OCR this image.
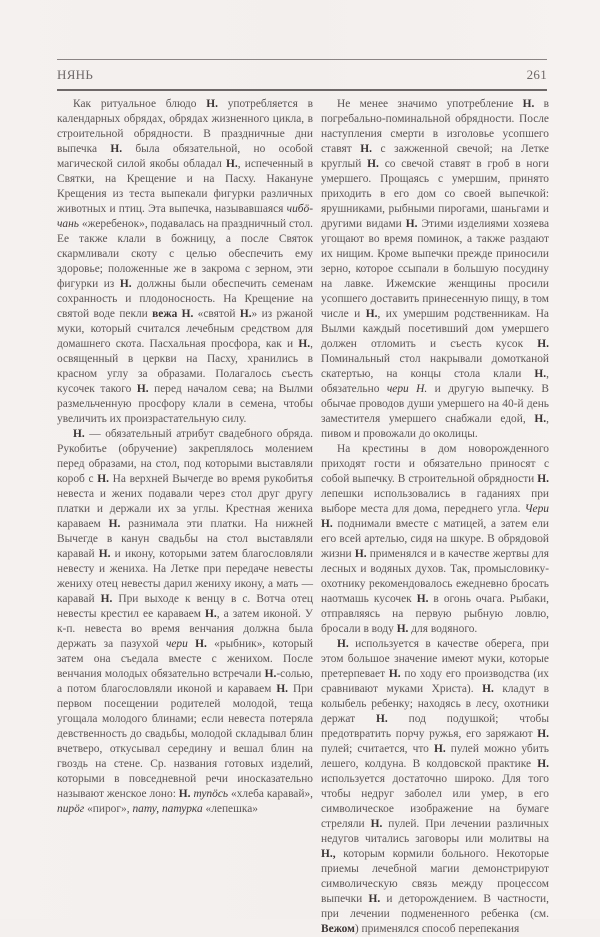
НЯНЬ	261

Как ритуальное блюдо Н. употребляется в календарных обрядах, обрядах жизненного цикла, в строительной обрядности. В праздничные дни выпечка Н. была обязательной, но особой магической силой якобы обладал Н., испеченный в Святки, на Крещение и на Пасху. Накануне Крещения из теста выпекали фигурки различных животных и птиц. Эта выпечка, называвшаяся чибö-чань «жеребенок», подавалась на праздничный стол. Ее также клали в божницу, а после Святок скармливали скоту с целью обеспечить ему здоровье; положенные же в закрома с зерном, эти фигурки из Н. должны были обеспечить семенам сохранность и плодоносность. На Крещение на святой воде пекли вежа Н. «святой Н.» из ржаной муки, который считался лечебным средством для домашнего скота. Пасхальная просфора, как и Н., освященный в церкви на Пасху, хранились в красном углу за образами. Полагалось съесть кусочек такого Н. перед началом сева; на Вылми размельченную просфору клали в семена, чтобы увеличить их произрастательную силу.

Н. — обязательный атрибут свадебного обряда. Рукобитье (обручение) закреплялось молением перед образами, на стол, под которыми выставляли короб с Н. На верхней Вычегде во время рукобитья невеста и жених подавали через стол друг другу платки и держали их за углы. Крестная жениха караваем Н. разнимала эти платки. На нижней Вычегде в канун свадьбы на стол выставляли каравай Н. и икону, которыми затем благословляли невесту и жениха. На Летке при передаче невесты жениху отец невесты дарил жениху икону, а мать — каравай Н. При выходе к венцу в с. Вотча отец невесты крестил ее караваем Н., а затем иконой. У к-п. невеста во время венчания должна была держать за пазухой чери Н. «рыбник», который затем она съедала вместе с женихом. После венчания молодых обязательно встречали Н.-солью, а потом благословляли иконой и караваем Н. При первом посещении родителей молодой, теща угощала молодого блинами; если невеста потеряла девственность до свадьбы, молодой складывал блин вчетверо, откусывал середину и вешал блин на гвоздь на стене. Ср. названия готовых изделий, которыми в повседневной речи иносказательно называют женское лоно: Н. тупöсь «хлеба каравай», пирöг «пирог», пату, патурка «лепешка»

Не менее значимо употребление Н. в погребально-поминальной обрядности. После наступления смерти в изголовье усопшего ставят Н. с зажженной свечой; на Летке круглый Н. со свечой ставят в гроб в ноги умершего. Прощаясь с умершим, принято приходить в его дом со своей выпечкой: ярушниками, рыбными пирогами, шаньгами и другими видами Н. Этими изделиями хозяева угощают во время поминок, а также раздают их нищим. Кроме выпечки прежде приносили зерно, которое ссыпали в большую посудину на лавке. Ижемские женщины просили усопшего доставить принесенную пищу, в том числе и Н., их умершим родственникам. На Вылми каждый посетивший дом умершего должен отломить и съесть кусок Н. Поминальный стол накрывали домотканой скатертью, на концы стола клали Н., обязательно чери Н. и другую выпечку. В обычае проводов души умершего на 40-й день заместителя умершего снабжали едой, Н., пивом и провожали до околицы.

На крестины в дом новорожденного приходят гости и обязательно приносят с собой выпечку. В строительной обрядности Н. лепешки использовались в гаданиях при выборе места для дома, переднего угла. Чери Н. поднимали вместе с матицей, а затем ели его всей артелью, сидя на шкуре. В обрядовой жизни Н. применялся и в качестве жертвы для лесных и водяных духов. Так, промысловику-охотнику рекомендовалось ежедневно бросать наотмашь кусочек Н. в огонь очага. Рыбаки, отправляясь на первую рыбную ловлю, бросали в воду Н. для водяного.

Н. используется в качестве оберега, при этом большое значение имеют муки, которые претерпевает Н. по ходу его производства (их сравнивают муками Христа). Н. кладут в колыбель ребенку; находясь в лесу, охотники держат Н. под подушкой; чтобы предотвратить порчу ружья, его заряжают Н. пулей; считается, что Н. пулей можно убить лешего, колдуна. В колдовской практике Н. используется достаточно широко. Для того чтобы недруг заболел или умер, в его символическое изображение на бумаге стреляли Н. пулей. При лечении различных недугов читались заговоры или молитвы на Н., которым кормили больного. Некоторые приемы лечебной магии демонстрируют символическую связь между процессом выпечки Н. и деторождением. В частности, при лечении подмененного ребенка (см. Вежом) применялся способ перепекания
